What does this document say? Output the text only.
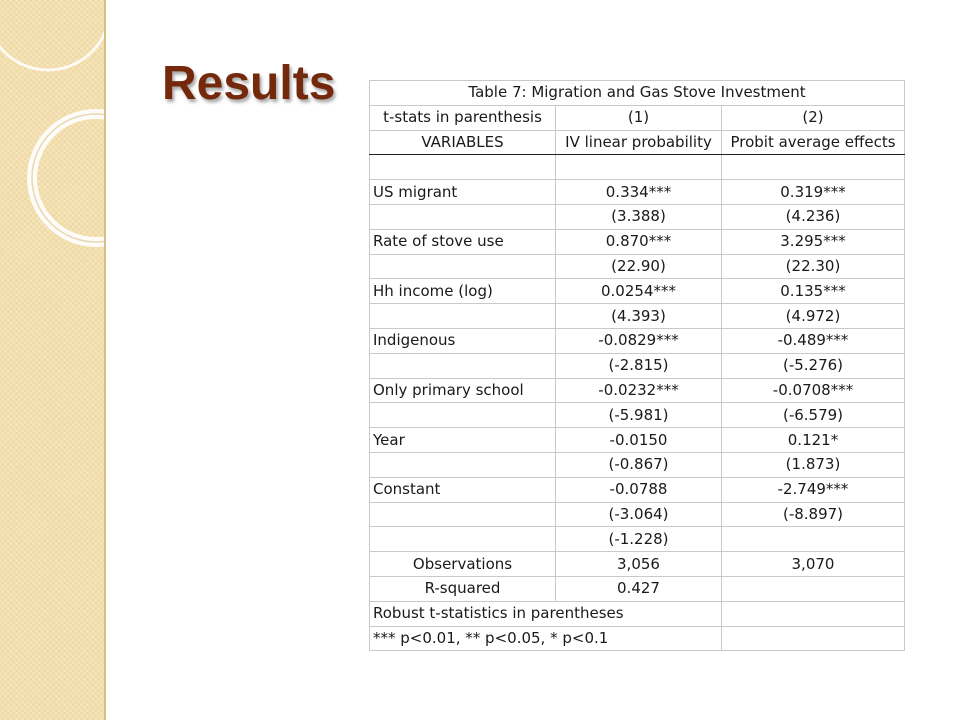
Results	Table 7: Migration and Gas Stove Investment		
t-stats in parenthesis	(1)	(2)
VARIABLES	IV linear probability	Probit average effects

US migrant	0.334***	0.319***
	(3.388)	(4.236)
Rate of stove use	0.870***	3.295***
	(22.90)	(22.30)
Hh income (log)	0.0254***	0.135***
	(4.393)	(4.972)
Indigenous	-0.0829***	-0.489***
	(-2.815)	(-5.276)
Only primary school	-0.0232***	-0.0708***
	(-5.981)	(-6.579)
Year	-0.0150	0.121*
	(-0.867)	(1.873)
Constant	-0.0788	-2.749***
	(-3.064)	(-8.897)
	(-1.228)	
Observations	3,056	3,070
R-squared	0.427	
Robust t-statistics in parentheses		
*** p<0.01, ** p<0.05, * p<0.1		
